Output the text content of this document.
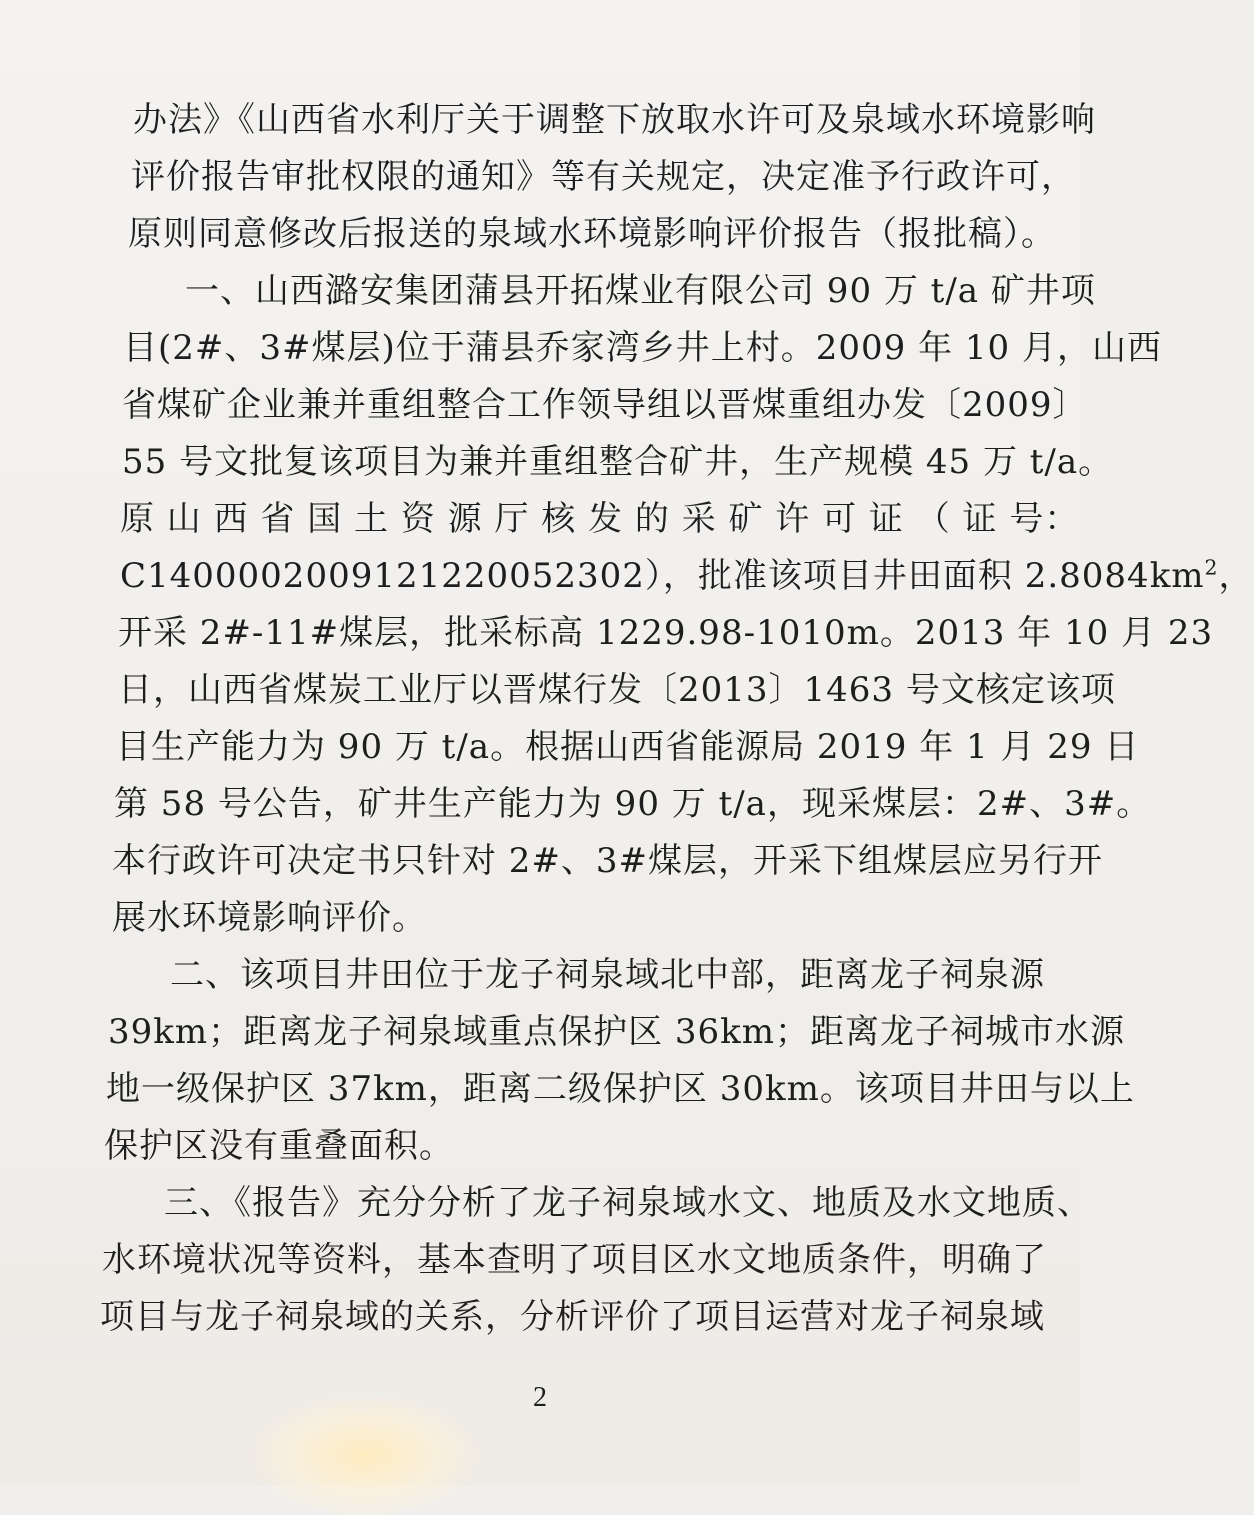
办法》《山西省水利厅关于调整下放取水许可及泉域水环境影响

评价报告审批权限的通知》等有关规定，决定准予行政许可，

原则同意修改后报送的泉域水环境影响评价报告（报批稿）。

一、山西潞安集团蒲县开拓煤业有限公司 90 万 t/a 矿井项

目(2#、3#煤层)位于蒲县乔家湾乡井上村。2009 年 10 月，山西

省煤矿企业兼并重组整合工作领导组以晋煤重组办发〔2009〕

55 号文批复该项目为兼并重组整合矿井，生产规模 45 万 t/a。

原 山 西 省 国 土 资 源 厅 核 发 的 采 矿 许 可 证 （ 证 号：

C1400002009121220052302），批准该项目井田面积 $2.8084km^2$，

开采 2#-11#煤层，批采标高 1229.98-1010m。2013 年 10 月 23

日，山西省煤炭工业厅以晋煤行发〔2013〕1463 号文核定该项

目生产能力为 90 万 t/a。根据山西省能源局 2019 年 1 月 29 日

第 58 号公告，矿井生产能力为 90 万 t/a，现采煤层：2#、3#。

本行政许可决定书只针对 2#、3#煤层，开采下组煤层应另行开

展水环境影响评价。

二、该项目井田位于龙子祠泉域北中部，距离龙子祠泉源

39km；距离龙子祠泉域重点保护区 36km；距离龙子祠城市水源

地一级保护区 37km，距离二级保护区 30km。该项目井田与以上

保护区没有重叠面积。

三、《报告》充分分析了龙子祠泉域水文、地质及水文地质、

水环境状况等资料，基本查明了项目区水文地质条件，明确了

项目与龙子祠泉域的关系，分析评价了项目运营对龙子祠泉域

2
